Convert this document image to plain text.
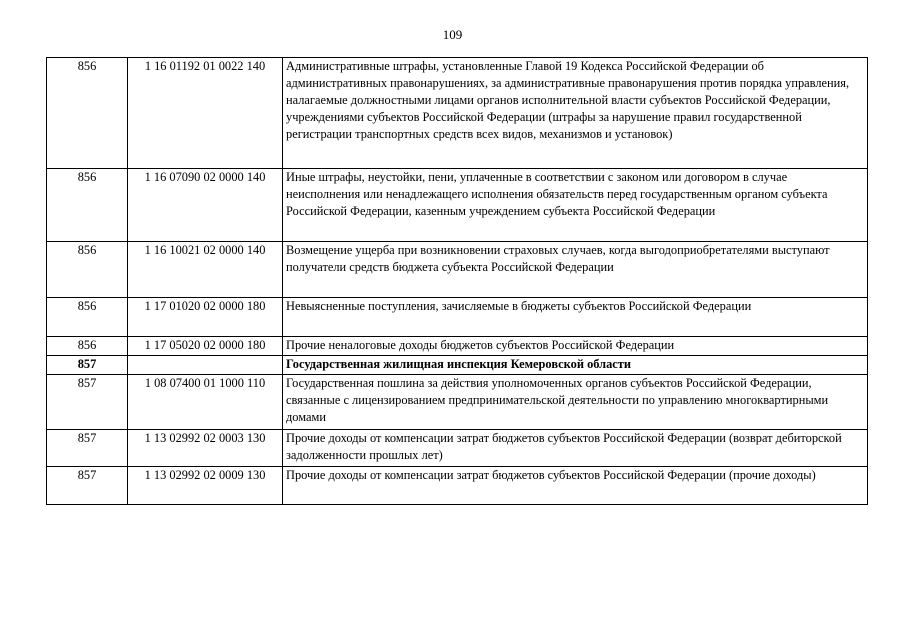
109
856	1 16 01192 01 0022 140	Административные штрафы, установленные Главой 19 Кодекса Российской Федерации об административных правонарушениях, за административные правонарушения против порядка управления, налагаемые должностными лицами органов исполнительной власти субъектов Российской Федерации, учреждениями субъектов Российской Федерации (штрафы за нарушение правил государственной регистрации транспортных средств всех видов, механизмов и установок)
856	1 16 07090 02 0000 140	Иные штрафы, неустойки, пени, уплаченные в соответствии с законом или договором в случае неисполнения или ненадлежащего исполнения обязательств перед государственным органом субъекта Российской Федерации, казенным учреждением субъекта Российской Федерации
856	1 16 10021 02 0000 140	Возмещение ущерба при возникновении страховых случаев, когда выгодоприобретателями выступают получатели средств бюджета субъекта Российской Федерации
856	1 17 01020 02 0000 180	Невыясненные поступления, зачисляемые в бюджеты субъектов Российской Федерации
856	1 17 05020 02 0000 180	Прочие неналоговые доходы бюджетов субъектов Российской Федерации
857		Государственная жилищная инспекция Кемеровской области
857	1 08 07400 01 1000 110	Государственная пошлина за действия уполномоченных органов субъектов Российской Федерации, связанные с лицензированием предпринимательской деятельности по управлению многоквартирными домами
857	1 13 02992 02 0003 130	Прочие доходы от компенсации затрат бюджетов субъектов Российской Федерации (возврат дебиторской задолженности прошлых лет)
857	1 13 02992 02 0009 130	Прочие доходы от компенсации затрат бюджетов субъектов Российской Федерации (прочие доходы)
